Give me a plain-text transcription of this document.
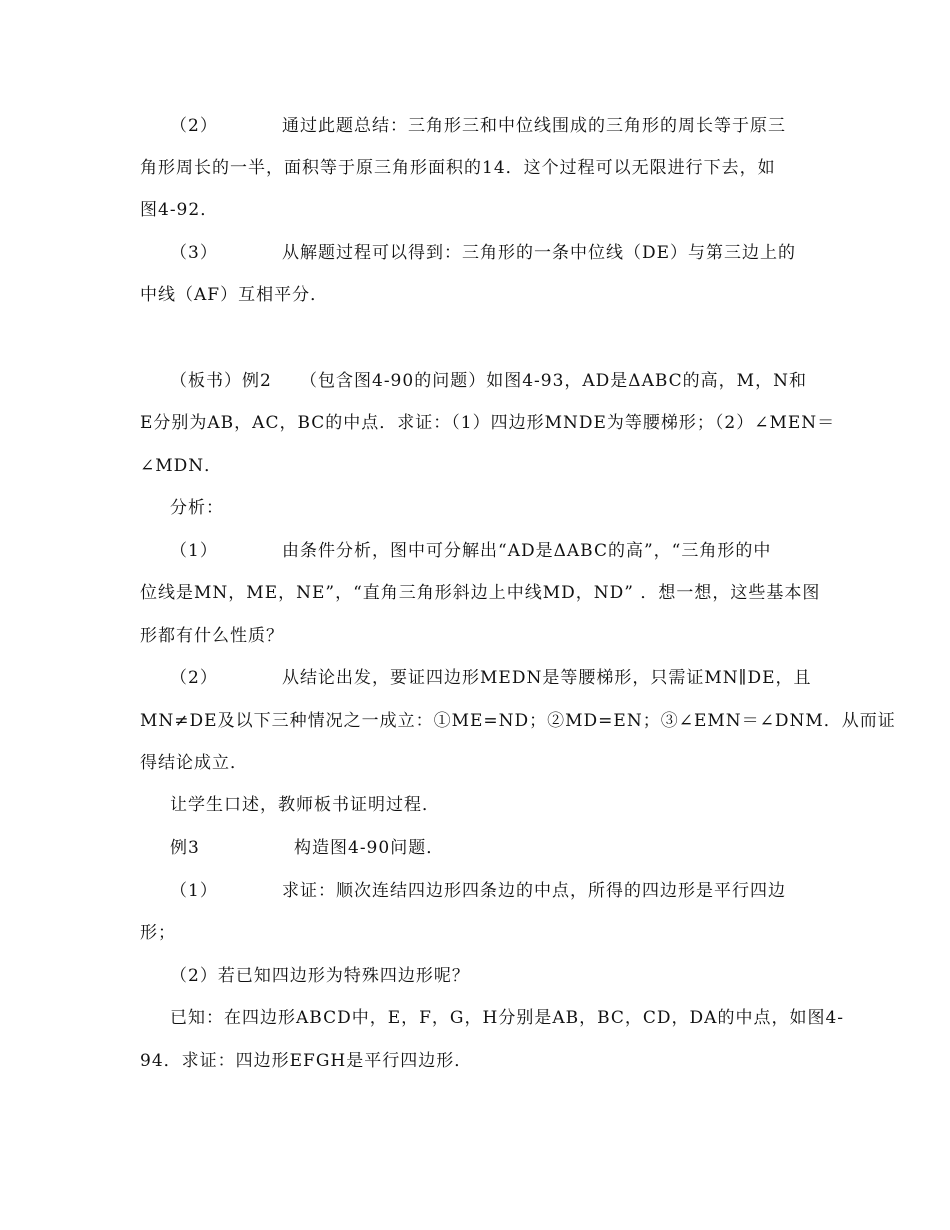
（2）	通过此题总结：三角形三和中位线围成的三角形的周长等于原三
角形周长的一半，面积等于原三角形面积的14．这个过程可以无限进行下去，如
图4-92．
（3）	从解题过程可以得到：三角形的一条中位线（DE）与第三边上的
中线（AF）互相平分．
（板书）例2 （包含图4-90的问题）如图4-93，AD是ΔABC的高，M，N和
E分别为AB，AC，BC的中点．求证：（1）四边形MNDE为等腰梯形；（2）∠MEN＝
∠MDN．
分析：
（1）	由条件分析，图中可分解出“AD是ΔABC的高”，“三角形的中
位线是MN，ME，NE”，“直角三角形斜边上中线MD，ND” ．想一想，这些基本图
形都有什么性质？
（2）	从结论出发，要证四边形MEDN是等腰梯形，只需证MN∥DE，且
MN≠DE及以下三种情况之一成立：①ME=ND；②MD=EN；③∠EMN＝∠DNM．从而证
得结论成立．
让学生口述，教师板书证明过程．
例3	构造图4-90问题．
（1）	求证：顺次连结四边形四条边的中点，所得的四边形是平行四边
形；
（2）若已知四边形为特殊四边形呢？
已知：在四边形ABCD中，E，F，G，H分别是AB，BC，CD，DA的中点，如图4-
94．求证：四边形EFGH是平行四边形．
